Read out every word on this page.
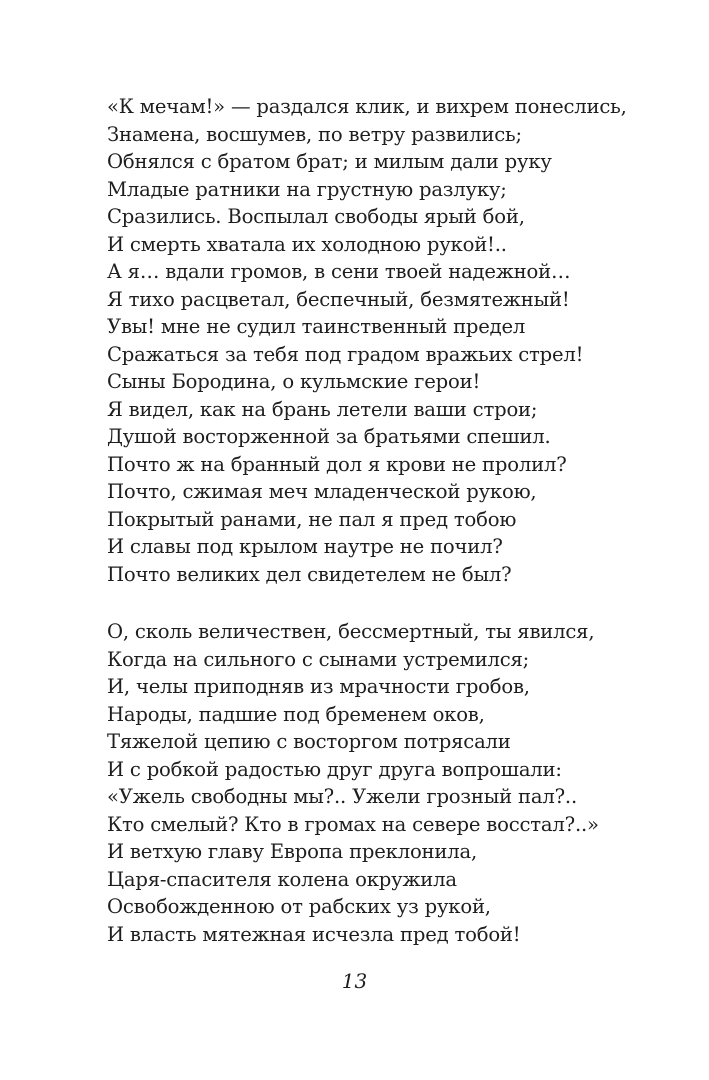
«К мечам!» — раздался клик, и вихрем понеслись,
Знамена, восшумев, по ветру развились;
Обнялся с братом брат; и милым дали руку
Младые ратники на грустную разлуку;
Сразились. Воспылал свободы ярый бой,
И смерть хватала их холодною рукой!..
А я… вдали громов, в сени твоей надежной…
Я тихо расцветал, беспечный, безмятежный!
Увы! мне не судил таинственный предел
Сражаться за тебя под градом вражьих стрел!
Сыны Бородина, о кульмские герои!
Я видел, как на брань летели ваши строи;
Душой восторженной за братьями спешил.
Почто ж на бранный дол я крови не пролил?
Почто, сжимая меч младенческой рукою,
Покрытый ранами, не пал я пред тобою
И славы под крылом наутре не почил?
Почто великих дел свидетелем не был?
О, сколь величествен, бессмертный, ты явился,
Когда на сильного с сынами устремился;
И, челы приподняв из мрачности гробов,
Народы, падшие под бременем оков,
Тяжелой цепию с восторгом потрясали
И с робкой радостью друг друга вопрошали:
«Ужель свободны мы?.. Ужели грозный пал?..
Кто смелый? Кто в громах на севере восстал?..»
И ветхую главу Европа преклонила,
Царя-спасителя колена окружила
Освобожденною от рабских уз рукой,
И власть мятежная исчезла пред тобой!
13
